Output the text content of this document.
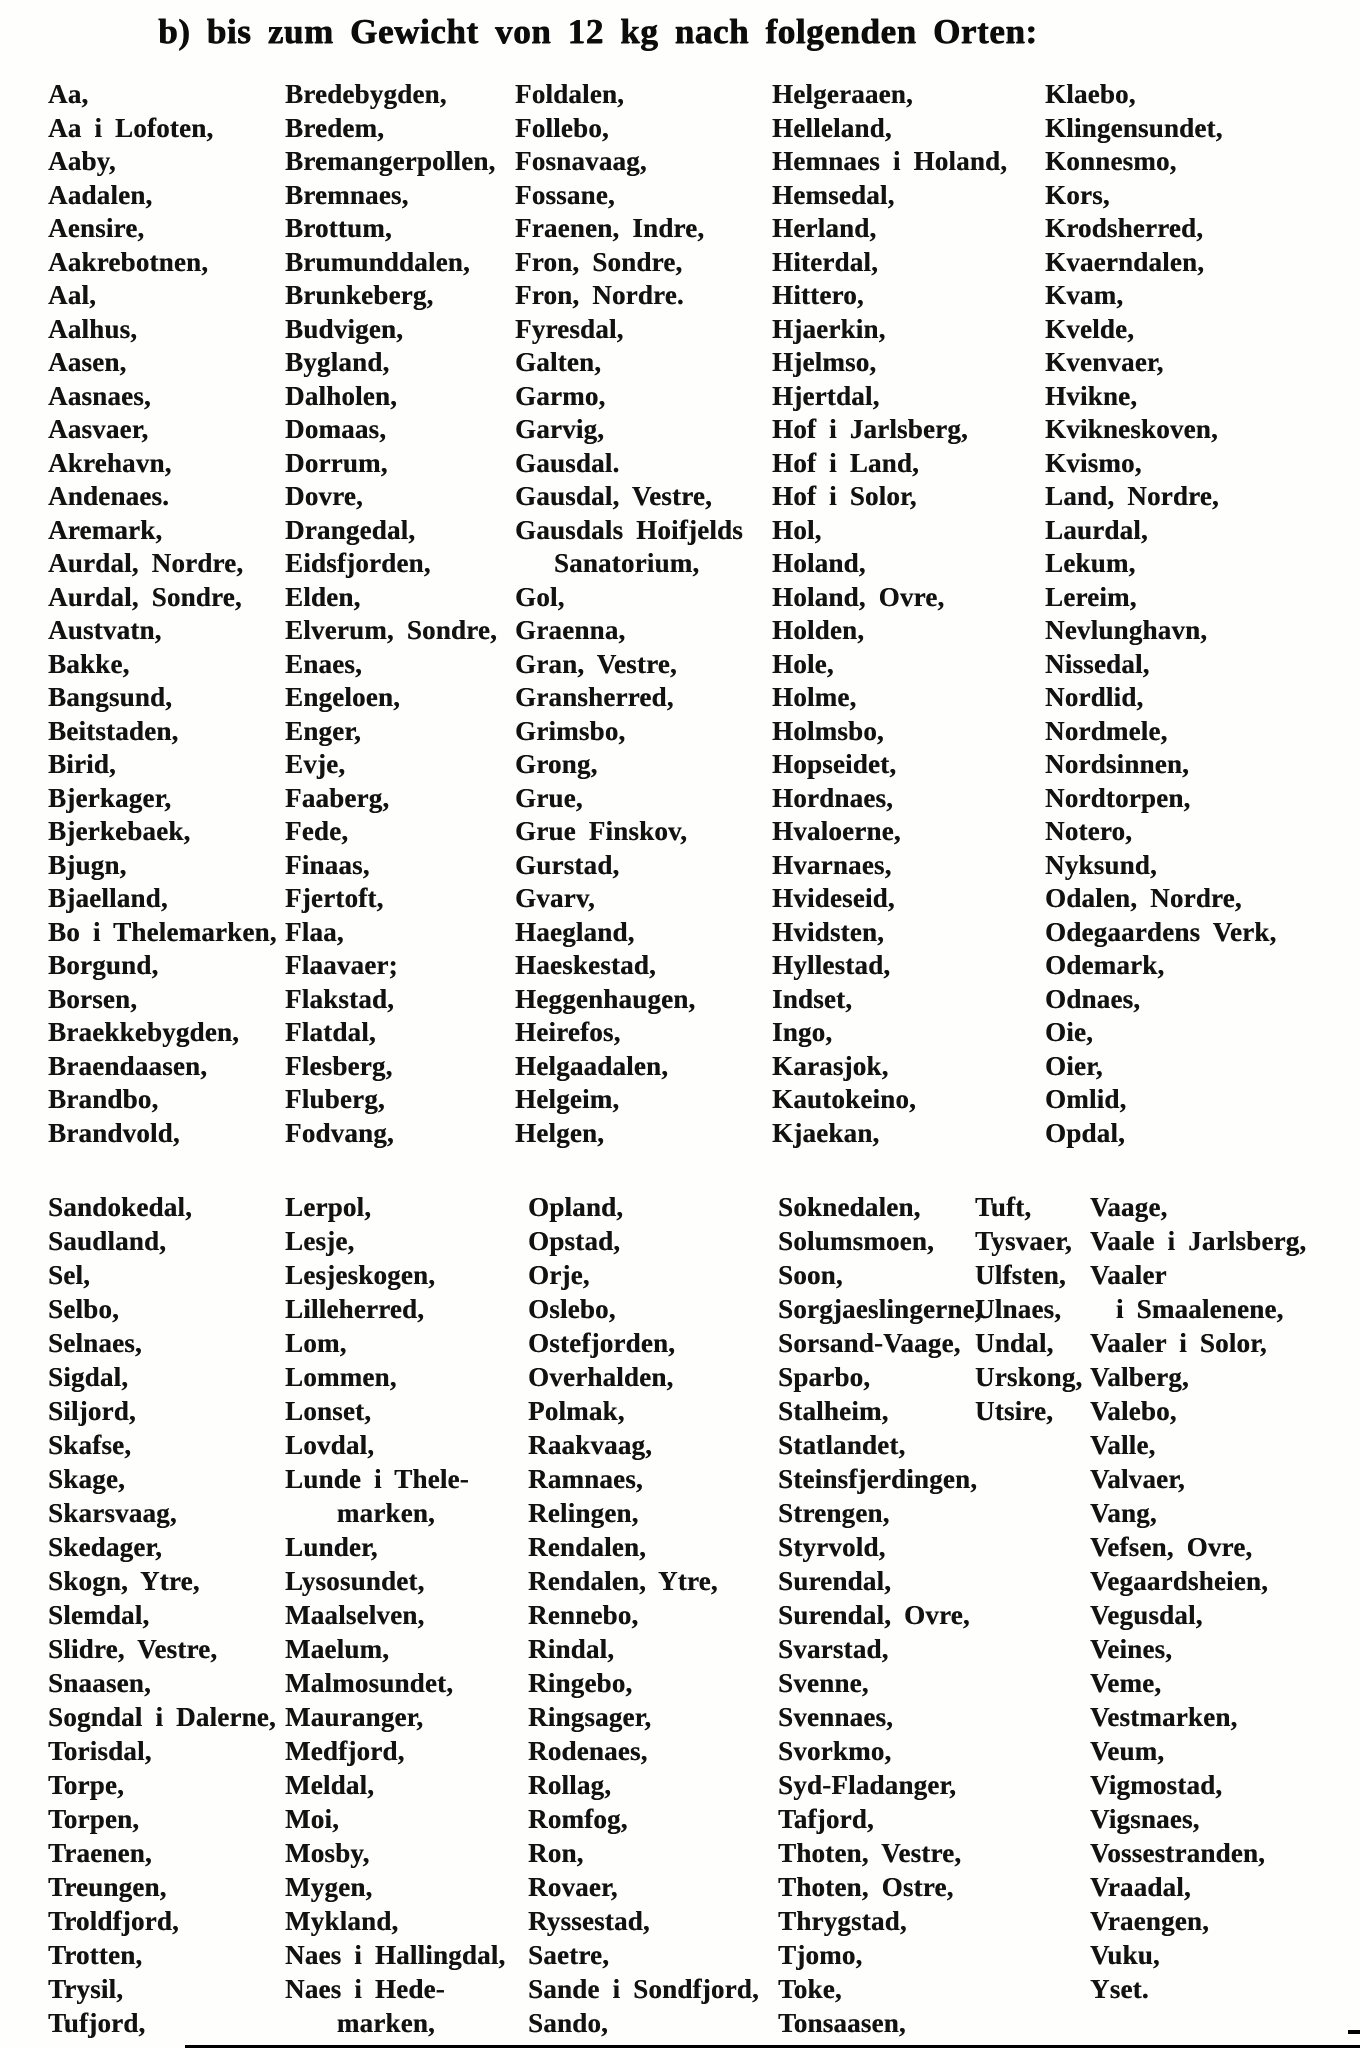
b) bis zum Gewicht von 12 kg nach folgenden Orten:
Aa,
Aa i Lofoten,
Aaby,
Aadalen,
Aensire,
Aakrebotnen,
Aal,
Aalhus,
Aasen,
Aasnaes,
Aasvaer,
Akrehavn,
Andenaes.
Aremark,
Aurdal, Nordre,
Aurdal, Sondre,
Austvatn,
Bakke,
Bangsund,
Beitstaden,
Birid,
Bjerkager,
Bjerkebaek,
Bjugn,
Bjaelland,
Bo i Thelemarken,
Borgund,
Borsen,
Braekkebygden,
Braendaasen,
Brandbo,
Brandvold,
Bredebygden,
Bredem,
Bremangerpollen,
Bremnaes,
Brottum,
Brumunddalen,
Brunkeberg,
Budvigen,
Bygland,
Dalholen,
Domaas,
Dorrum,
Dovre,
Drangedal,
Eidsfjorden,
Elden,
Elverum, Sondre,
Enaes,
Engeloen,
Enger,
Evje,
Faaberg,
Fede,
Finaas,
Fjertoft,
Flaa,
Flaavaer;
Flakstad,
Flatdal,
Flesberg,
Fluberg,
Fodvang,
Foldalen,
Follebo,
Fosnavaag,
Fossane,
Fraenen, Indre,
Fron, Sondre,
Fron, Nordre.
Fyresdal,
Galten,
Garmo,
Garvig,
Gausdal.
Gausdal, Vestre,
Gausdals Hoifjelds
Sanatorium,
Gol,
Graenna,
Gran, Vestre,
Gransherred,
Grimsbo,
Grong,
Grue,
Grue Finskov,
Gurstad,
Gvarv,
Haegland,
Haeskestad,
Heggenhaugen,
Heirefos,
Helgaadalen,
Helgeim,
Helgen,
Helgeraaen,
Helleland,
Hemnaes i Holand,
Hemsedal,
Herland,
Hiterdal,
Hittero,
Hjaerkin,
Hjelmso,
Hjertdal,
Hof i Jarlsberg,
Hof i Land,
Hof i Solor,
Hol,
Holand,
Holand, Ovre,
Holden,
Hole,
Holme,
Holmsbo,
Hopseidet,
Hordnaes,
Hvaloerne,
Hvarnaes,
Hvideseid,
Hvidsten,
Hyllestad,
Indset,
Ingo,
Karasjok,
Kautokeino,
Kjaekan,
Klaebo,
Klingensundet,
Konnesmo,
Kors,
Krodsherred,
Kvaerndalen,
Kvam,
Kvelde,
Kvenvaer,
Hvikne,
Kvikneskoven,
Kvismo,
Land, Nordre,
Laurdal,
Lekum,
Lereim,
Nevlunghavn,
Nissedal,
Nordlid,
Nordmele,
Nordsinnen,
Nordtorpen,
Notero,
Nyksund,
Odalen, Nordre,
Odegaardens Verk,
Odemark,
Odnaes,
Oie,
Oier,
Omlid,
Opdal,
Sandokedal,
Saudland,
Sel,
Selbo,
Selnaes,
Sigdal,
Siljord,
Skafse,
Skage,
Skarsvaag,
Skedager,
Skogn, Ytre,
Slemdal,
Slidre, Vestre,
Snaasen,
Sogndal i Dalerne,
Torisdal,
Torpe,
Torpen,
Traenen,
Treungen,
Troldfjord,
Trotten,
Trysil,
Tufjord,
Lerpol,
Lesje,
Lesjeskogen,
Lilleherred,
Lom,
Lommen,
Lonset,
Lovdal,
Lunde i Thele-
marken,
Lunder,
Lysosundet,
Maalselven,
Maelum,
Malmosundet,
Mauranger,
Medfjord,
Meldal,
Moi,
Mosby,
Mygen,
Mykland,
Naes i Hallingdal,
Naes i Hede-
marken,
Opland,
Opstad,
Orje,
Oslebo,
Ostefjorden,
Overhalden,
Polmak,
Raakvaag,
Ramnaes,
Relingen,
Rendalen,
Rendalen, Ytre,
Rennebo,
Rindal,
Ringebo,
Ringsager,
Rodenaes,
Rollag,
Romfog,
Ron,
Rovaer,
Ryssestad,
Saetre,
Sande i Sondfjord,
Sando,
Soknedalen,
Solumsmoen,
Soon,
Sorgjaeslingerne,
Sorsand-Vaage,
Sparbo,
Stalheim,
Statlandet,
Steinsfjerdingen,
Strengen,
Styrvold,
Surendal,
Surendal, Ovre,
Svarstad,
Svenne,
Svennaes,
Svorkmo,
Syd-Fladanger,
Tafjord,
Thoten, Vestre,
Thoten, Ostre,
Thrygstad,
Tjomo,
Toke,
Tonsaasen,
Tuft,
Tysvaer,
Ulfsten,
Ulnaes,
Undal,
Urskong,
Utsire,
Vaage,
Vaale i Jarlsberg,
Vaaler
i Smaalenene,
Vaaler i Solor,
Valberg,
Valebo,
Valle,
Valvaer,
Vang,
Vefsen, Ovre,
Vegaardsheien,
Vegusdal,
Veines,
Veme,
Vestmarken,
Veum,
Vigmostad,
Vigsnaes,
Vossestranden,
Vraadal,
Vraengen,
Vuku,
Yset.
